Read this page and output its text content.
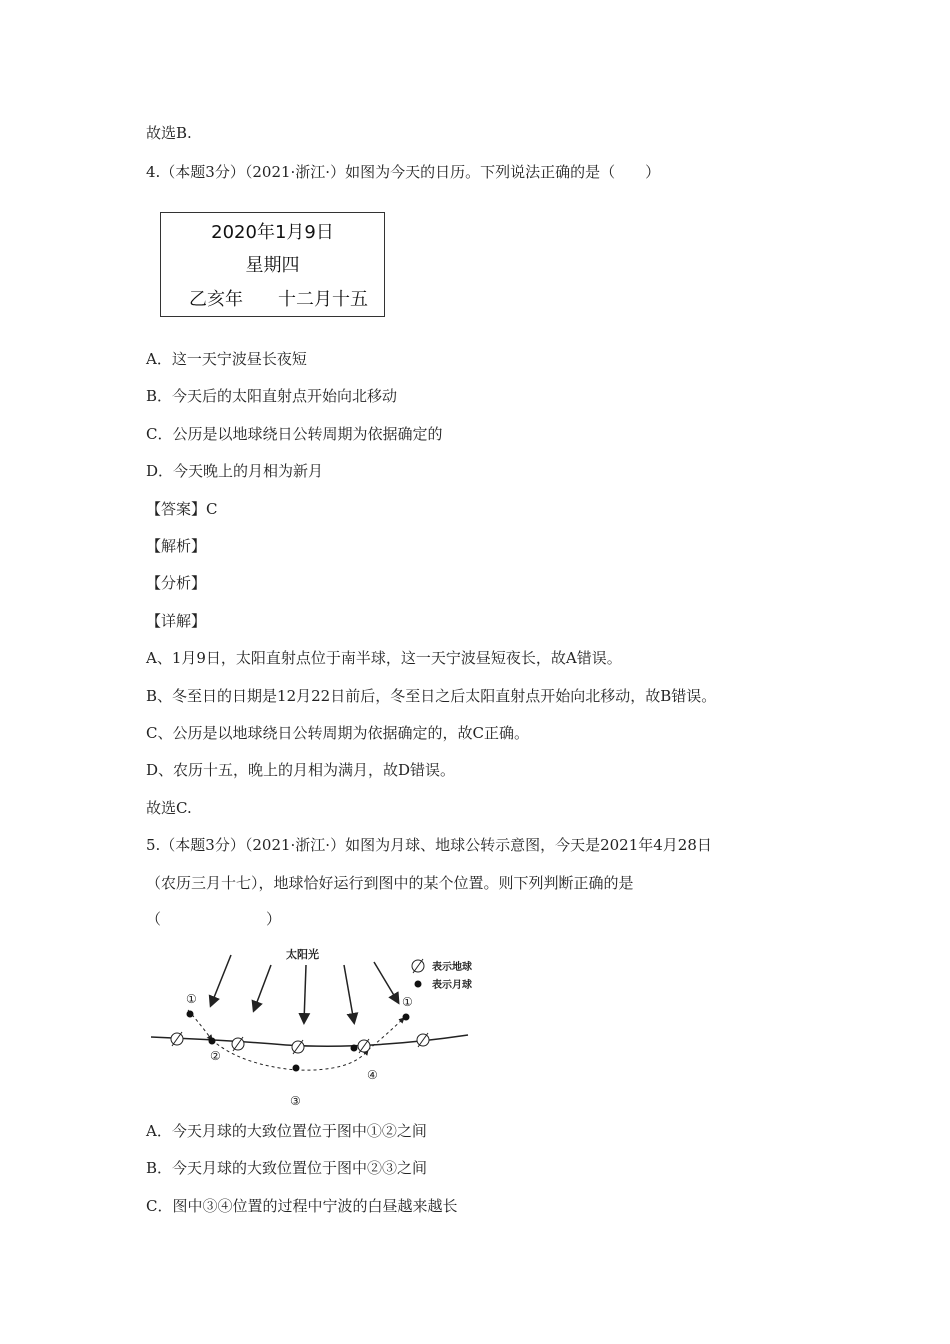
故选B.
4.（本题3分）（2021·浙江·）如图为今天的日历。下列说法正确的是（　　）
2020年1月9日
星期四
乙亥年 十二月十五
A．这一天宁波昼长夜短
B．今天后的太阳直射点开始向北移动
C．公历是以地球绕日公转周期为依据确定的
D．今天晚上的月相为新月
【答案】C
【解析】
【分析】
【详解】
A、1月9日，太阳直射点位于南半球，这一天宁波昼短夜长，故A错误。
B、冬至日的日期是12月22日前后，冬至日之后太阳直射点开始向北移动，故B错误。
C、公历是以地球绕日公转周期为依据确定的，故C正确。
D、农历十五，晚上的月相为满月，故D错误。
故选C.
5.（本题3分）（2021·浙江·）如图为月球、地球公转示意图，今天是2021年4月28日
（农历三月十七），地球恰好运行到图中的某个位置。则下列判断正确的是
（　　　　　　　）
太阳光
①
②
③
④
①
表示地球
表示月球
A．今天月球的大致位置位于图中①②之间
B．今天月球的大致位置位于图中②③之间
C．图中③④位置的过程中宁波的白昼越来越长
